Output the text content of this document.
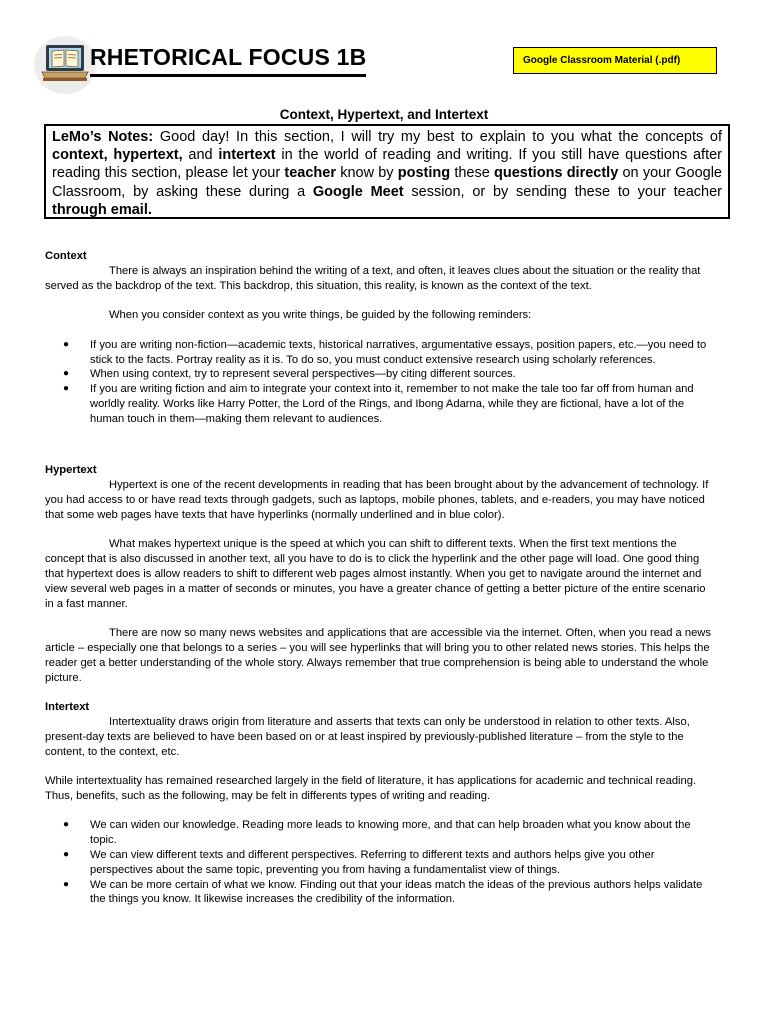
RHETORICAL FOCUS 1B	Google Classroom Material (.pdf)
Context, Hypertext, and Intertext
LeMo’s Notes: Good day! In this section, I will try my best to explain to you what the concepts of context, hypertext, and intertext in the world of reading and writing. If you still have questions after reading this section, please let your teacher know by posting these questions directly on your Google Classroom, by asking these during a Google Meet session, or by sending these to your teacher through email.

Context

There is always an inspiration behind the writing of a text, and often, it leaves clues about the situation or the reality that served as the backdrop of the text. This backdrop, this situation, this reality, is known as the context of the text.

When you consider context as you write things, be guided by the following reminders:

● If you are writing non-fiction—academic texts, historical narratives, argumentative essays, position papers, etc.—you need to stick to the facts. Portray reality as it is. To do so, you must conduct extensive research using scholarly references.
● When using context, try to represent several perspectives—by citing different sources.
● If you are writing fiction and aim to integrate your context into it, remember to not make the tale too far off from human and worldly reality. Works like Harry Potter, the Lord of the Rings, and Ibong Adarna, while they are fictional, have a lot of the human touch in them—making them relevant to audiences.

Hypertext

Hypertext is one of the recent developments in reading that has been brought about by the advancement of technology. If you had access to or have read texts through gadgets, such as laptops, mobile phones, tablets, and e-readers, you may have noticed that some web pages have texts that have hyperlinks (normally underlined and in blue color).

What makes hypertext unique is the speed at which you can shift to different texts. When the first text mentions the concept that is also discussed in another text, all you have to do is to click the hyperlink and the other page will load. One good thing that hypertext does is allow readers to shift to different web pages almost instantly. When you get to navigate around the internet and view several web pages in a matter of seconds or minutes, you have a greater chance of getting a better picture of the entire scenario in a fast manner.

There are now so many news websites and applications that are accessible via the internet. Often, when you read a news article – especially one that belongs to a series – you will see hyperlinks that will bring you to other related news stories. This helps the reader get a better understanding of the whole story. Always remember that true comprehension is being able to understand the whole picture.

Intertext

Intertextuality draws origin from literature and asserts that texts can only be understood in relation to other texts. Also, present-day texts are believed to have been based on or at least inspired by previously-published literature – from the style to the content, to the context, etc.

While intertextuality has remained researched largely in the field of literature, it has applications for academic and technical reading. Thus, benefits, such as the following, may be felt in differents types of writing and reading.

● We can widen our knowledge. Reading more leads to knowing more, and that can help broaden what you know about the topic.
● We can view different texts and different perspectives. Referring to different texts and authors helps give you other perspectives about the same topic, preventing you from having a fundamentalist view of things.
● We can be more certain of what we know. Finding out that your ideas match the ideas of the previous authors helps validate the things you know. It likewise increases the credibility of the information.
